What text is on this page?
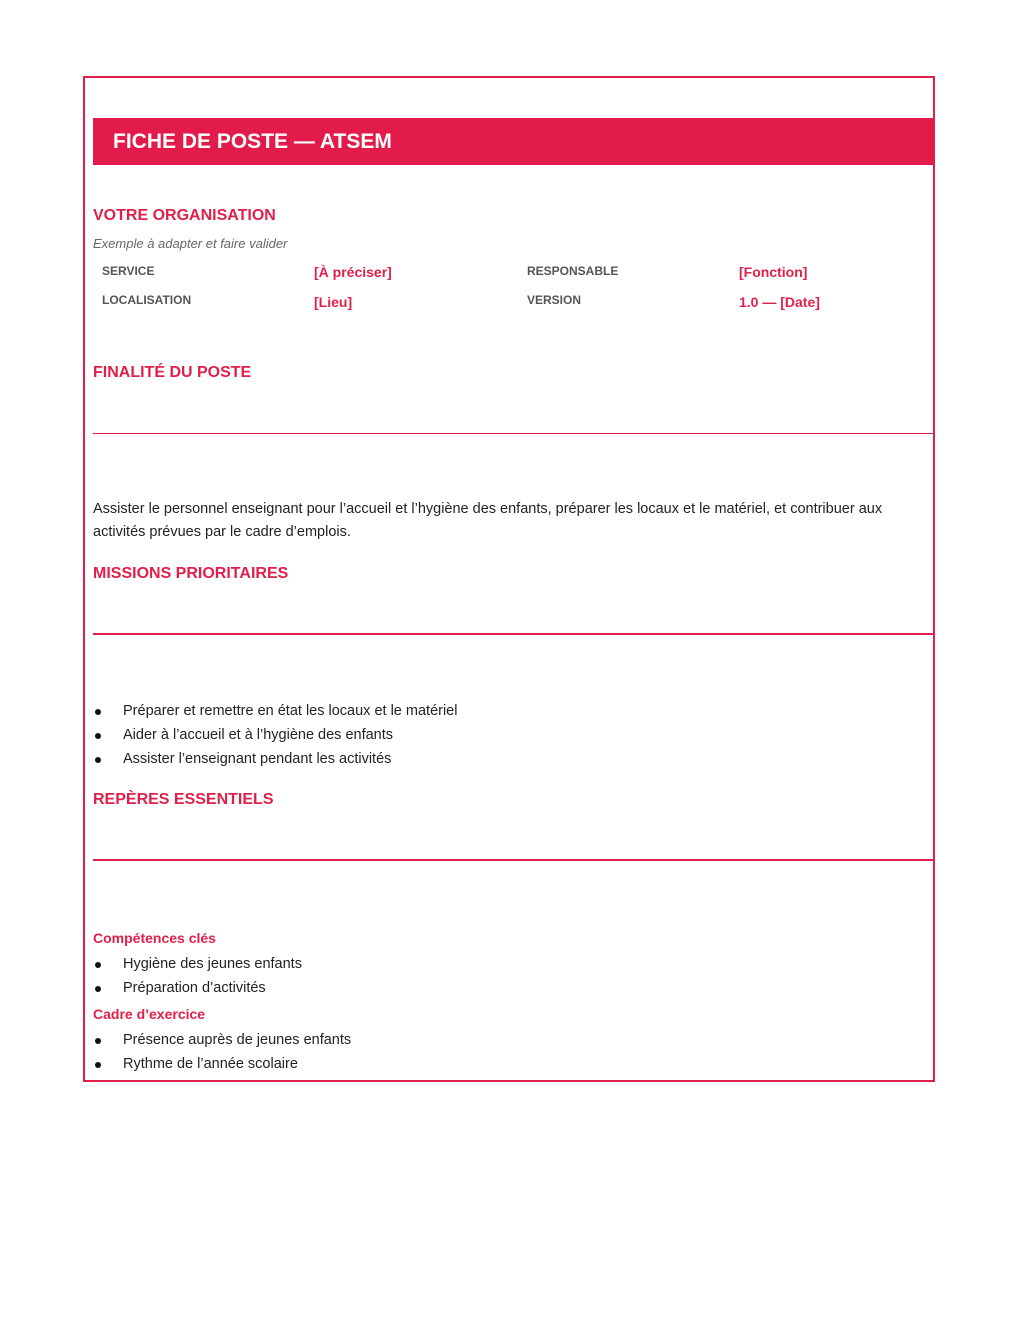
FICHE DE POSTE — ATSEM
VOTRE ORGANISATION
Exemple à adapter et faire valider
SERVICE	[À préciser]	RESPONSABLE	[Fonction]
LOCALISATION	[Lieu]	VERSION	1.0 — [Date]
FINALITÉ DU POSTE
Assister le personnel enseignant pour l’accueil et l’hygiène des enfants, préparer les locaux et le matériel, et contribuer aux activités prévues par le cadre d’emplois.
MISSIONS PRIORITAIRES
Préparer et remettre en état les locaux et le matériel
Aider à l’accueil et à l’hygiène des enfants
Assister l’enseignant pendant les activités
REPÈRES ESSENTIELS
Compétences clés
Hygiène des jeunes enfants
Préparation d’activités
Cadre d’exercice
Présence auprès de jeunes enfants
Rythme de l’année scolaire
